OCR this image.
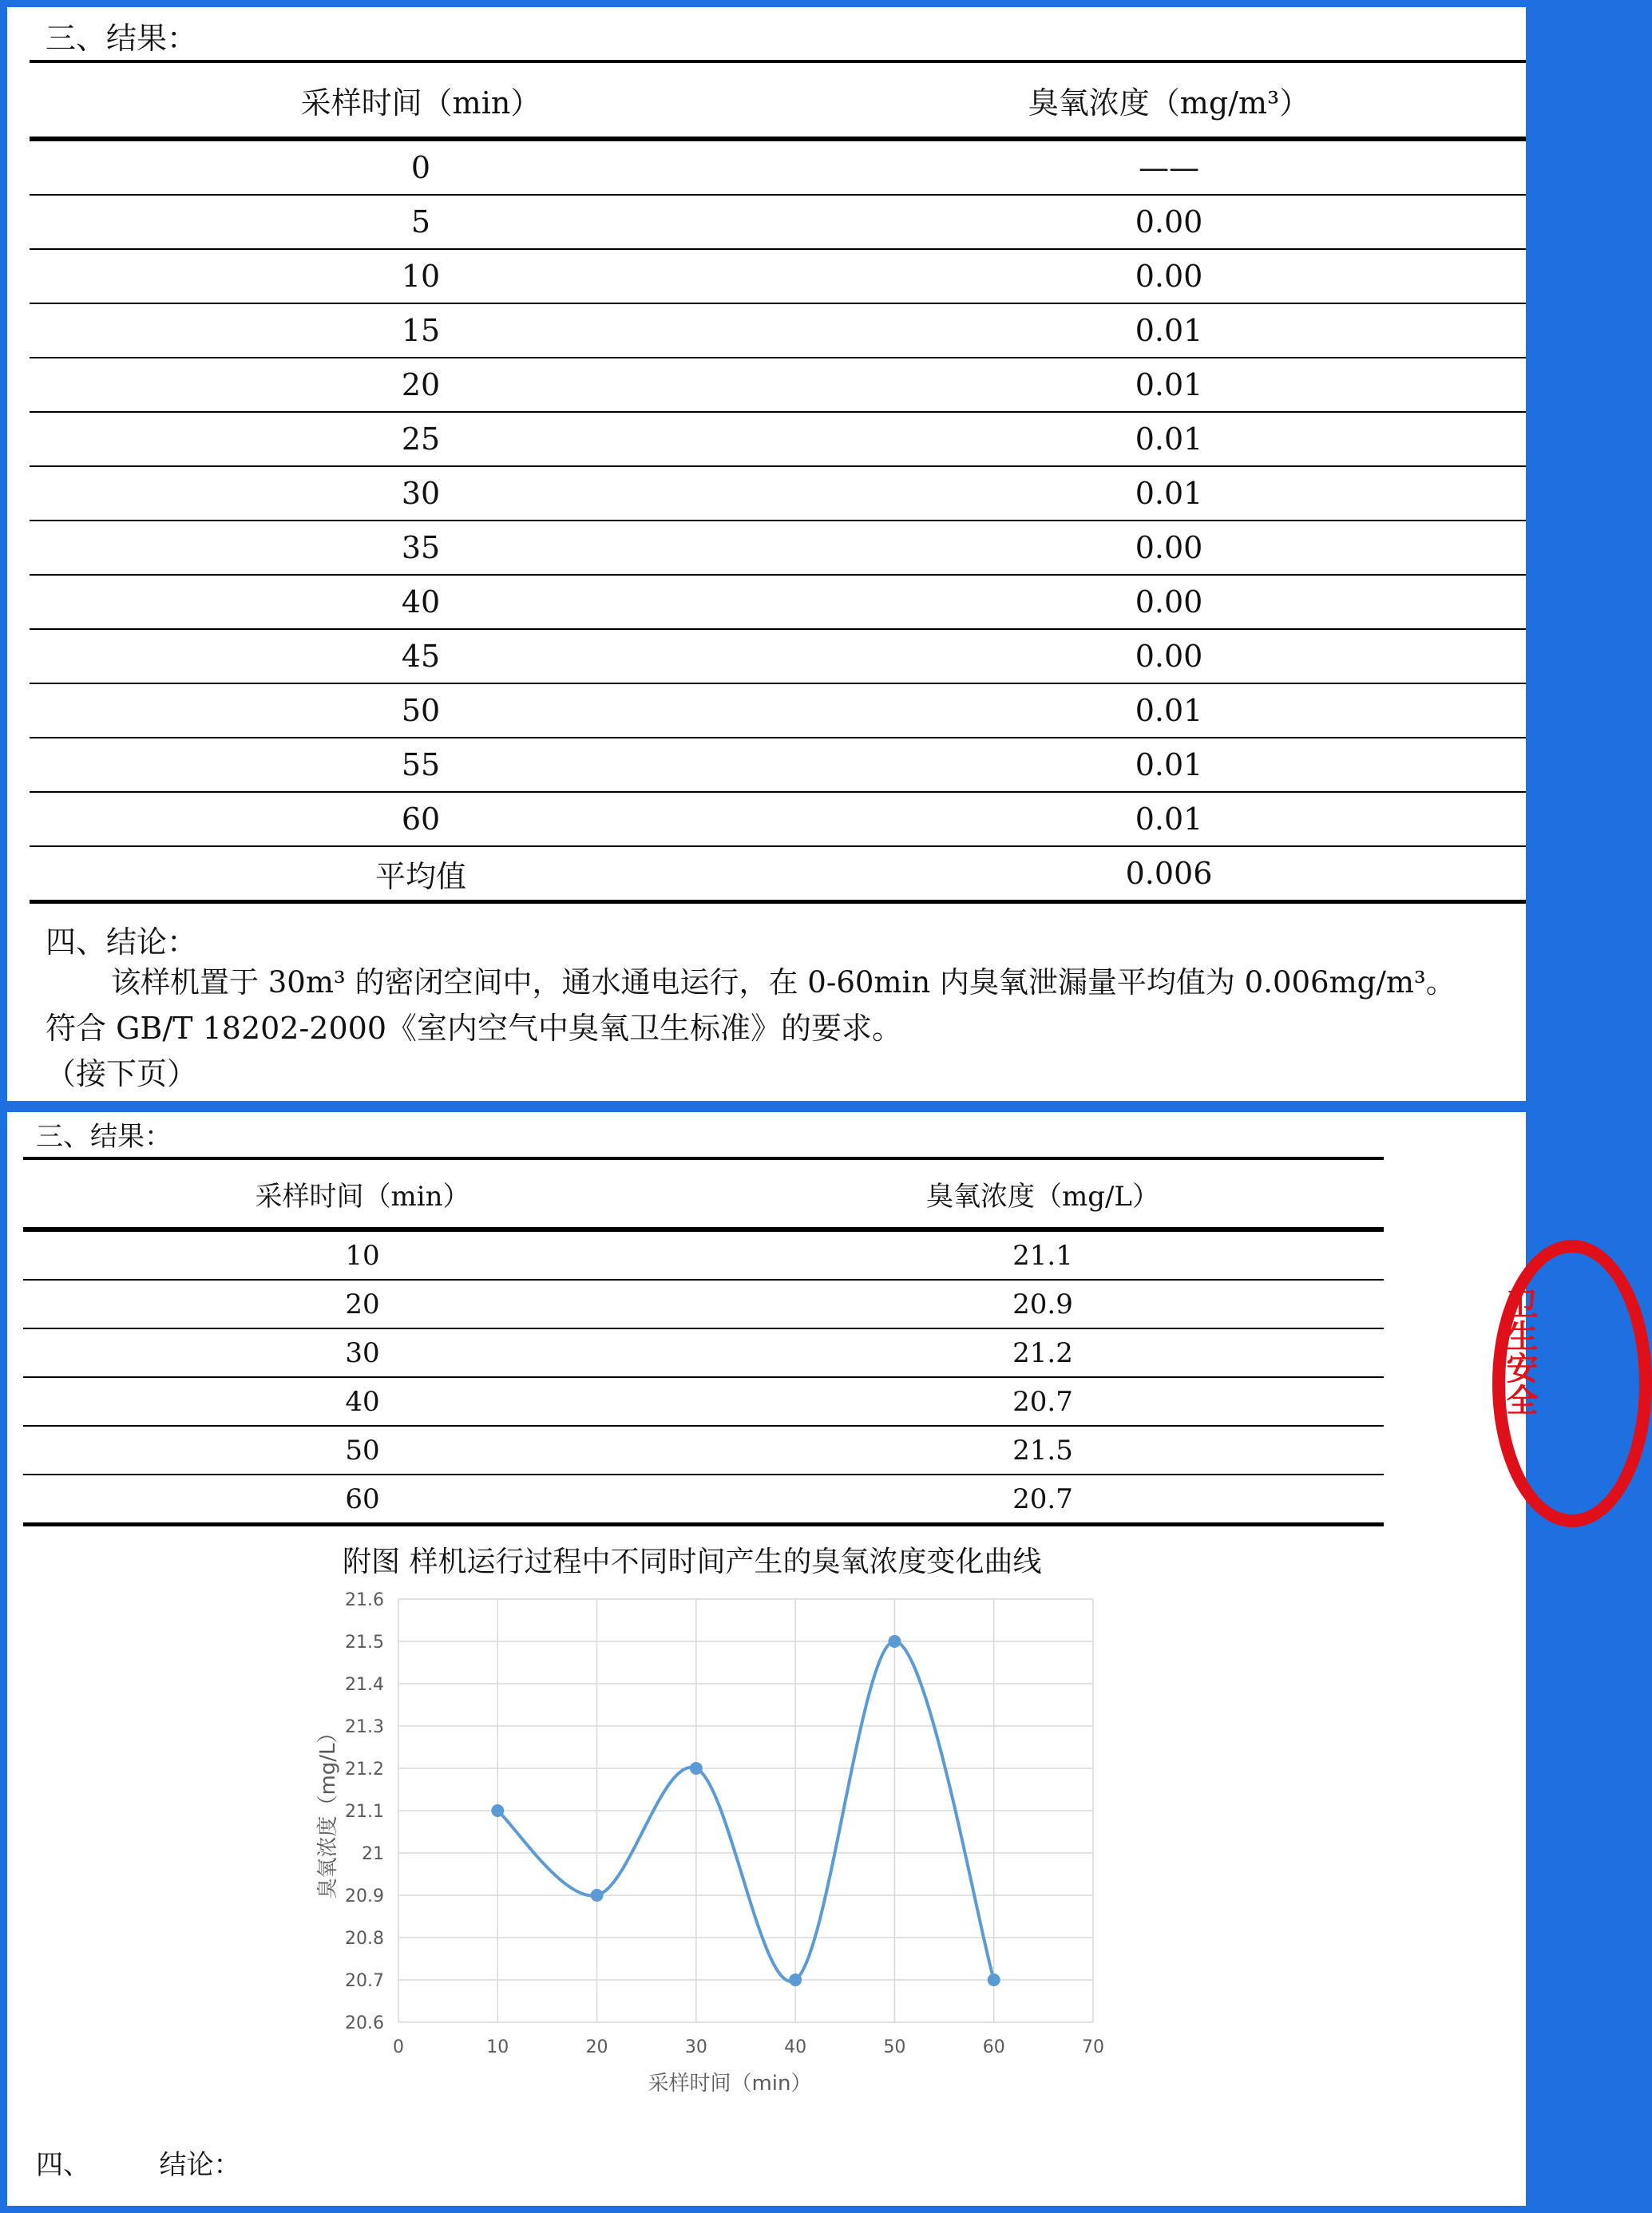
三、结果：
采样时间（min）	臭氧浓度（mg/m³）
0	——
5	0.00
10	0.00
15	0.01
20	0.01
25	0.01
30	0.01
35	0.00
40	0.00
45	0.00
50	0.01
55	0.01
60	0.01
平均值	0.006
四、结论：
该样机置于 30m³ 的密闭空间中，通水通电运行，在 0-60min 内臭氧泄漏量平均值为 0.006mg/m³。
符合 GB/T 18202-2000《室内空气中臭氧卫生标准》的要求。
（接下页）
三、结果：
采样时间（min）	臭氧浓度（mg/L）
10	21.1
20	20.9
30	21.2
40	20.7
50	21.5
60	20.7
附图 样机运行过程中不同时间产生的臭氧浓度变化曲线
20.6
20.7
20.8
20.9
21
21.1
21.2
21.3
21.4
21.5
21.6
0	10	20	30	40	50	60	70
采样时间（min）
臭氧浓度（mg/L）
四、        结论：
卫生安全
